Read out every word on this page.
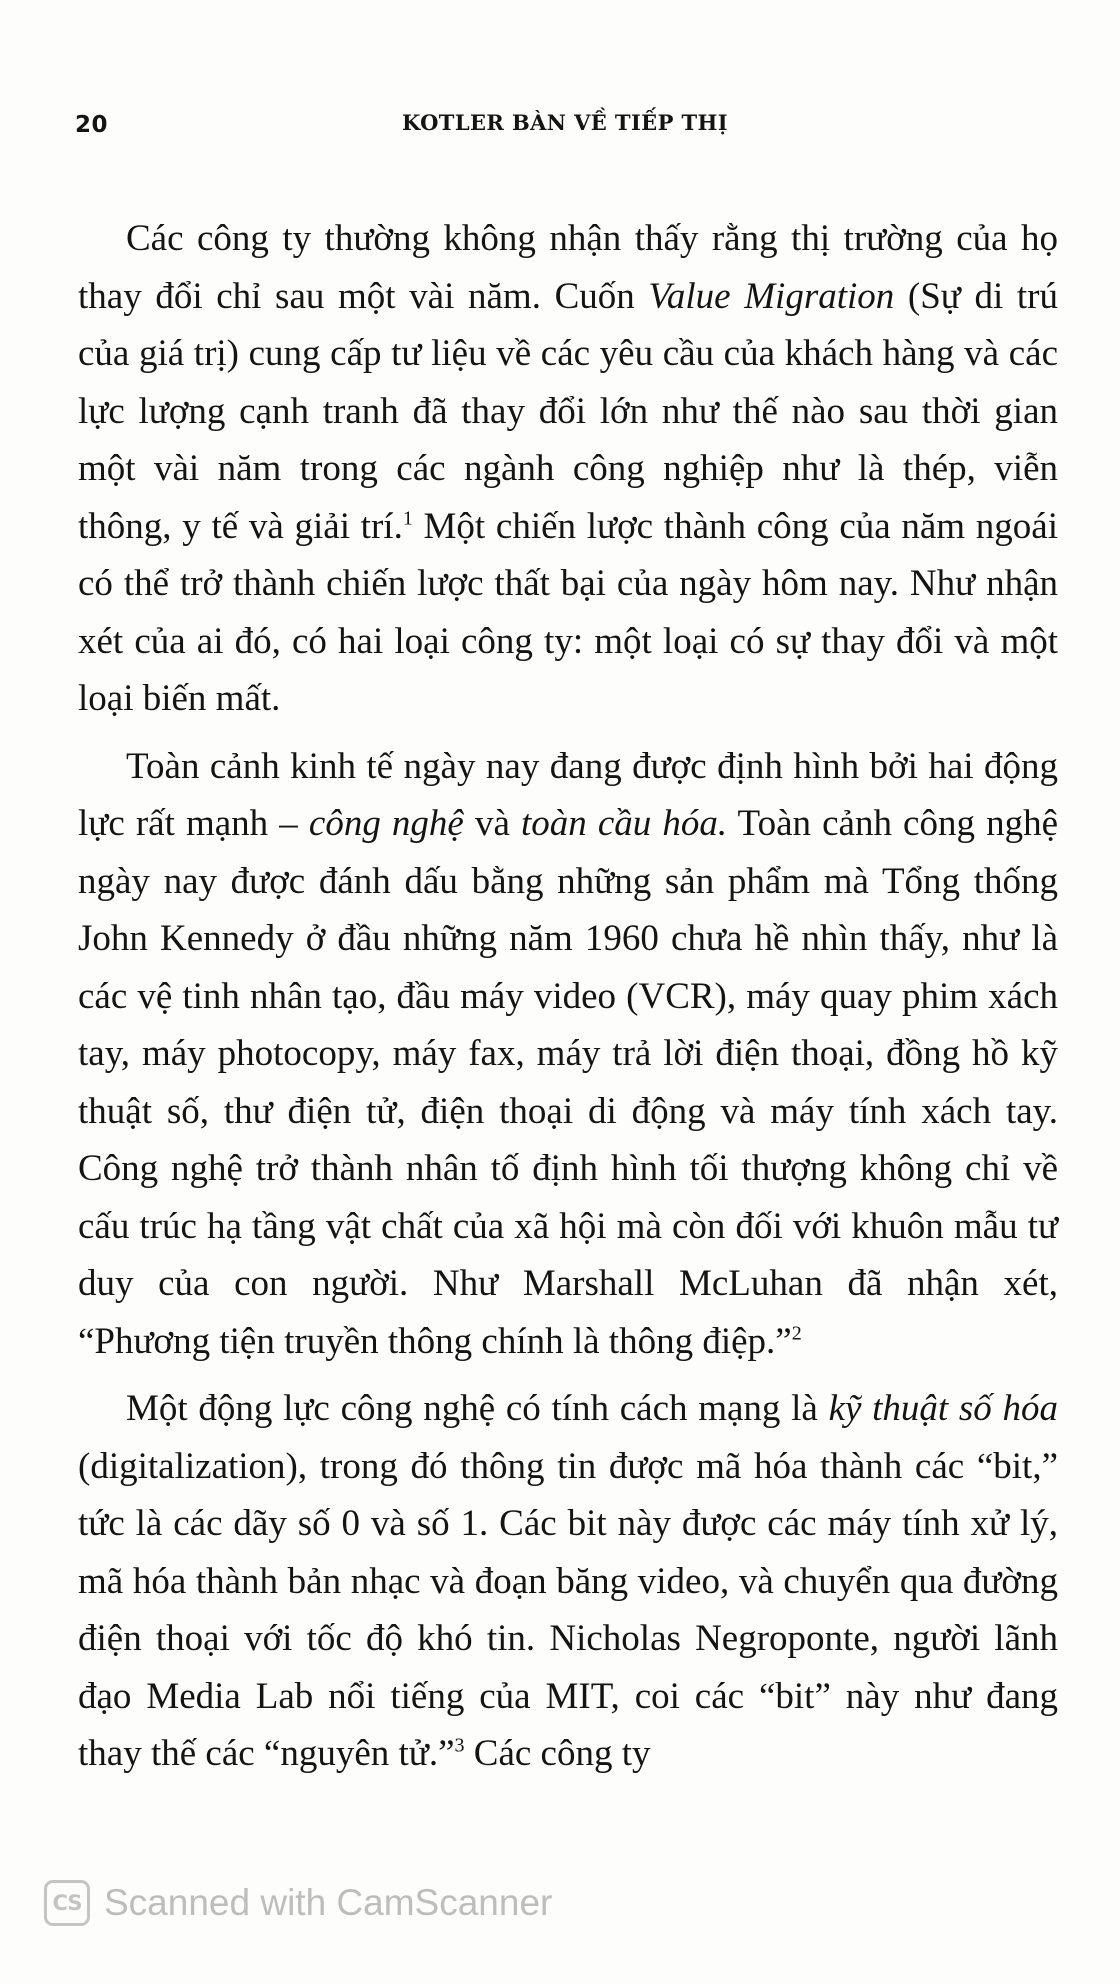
20	KOTLER BÀN VỀ TIẾP THỊ

Các công ty thường không nhận thấy rằng thị trường của họ thay đổi chỉ sau một vài năm. Cuốn Value Migration (Sự di trú của giá trị) cung cấp tư liệu về các yêu cầu của khách hàng và các lực lượng cạnh tranh đã thay đổi lớn như thế nào sau thời gian một vài năm trong các ngành công nghiệp như là thép, viễn thông, y tế và giải trí.$^1$ Một chiến lược thành công của năm ngoái có thể trở thành chiến lược thất bại của ngày hôm nay. Như nhận xét của ai đó, có hai loại công ty: một loại có sự thay đổi và một loại biến mất.

Toàn cảnh kinh tế ngày nay đang được định hình bởi hai động lực rất mạnh – công nghệ và toàn cầu hóa. Toàn cảnh công nghệ ngày nay được đánh dấu bằng những sản phẩm mà Tổng thống John Kennedy ở đầu những năm 1960 chưa hề nhìn thấy, như là các vệ tinh nhân tạo, đầu máy video (VCR), máy quay phim xách tay, máy photocopy, máy fax, máy trả lời điện thoại, đồng hồ kỹ thuật số, thư điện tử, điện thoại di động và máy tính xách tay. Công nghệ trở thành nhân tố định hình tối thượng không chỉ về cấu trúc hạ tầng vật chất của xã hội mà còn đối với khuôn mẫu tư duy của con người. Như Marshall McLuhan đã nhận xét, “Phương tiện truyền thông chính là thông điệp.”$^2$

Một động lực công nghệ có tính cách mạng là kỹ thuật số hóa (digitalization), trong đó thông tin được mã hóa thành các “bit,” tức là các dãy số 0 và số 1. Các bit này được các máy tính xử lý, mã hóa thành bản nhạc và đoạn băng video, và chuyển qua đường điện thoại với tốc độ khó tin. Nicholas Negroponte, người lãnh đạo Media Lab nổi tiếng của MIT, coi các “bit” này như đang thay thế các “nguyên tử.”$^3$ Các công ty

CS Scanned with CamScanner
